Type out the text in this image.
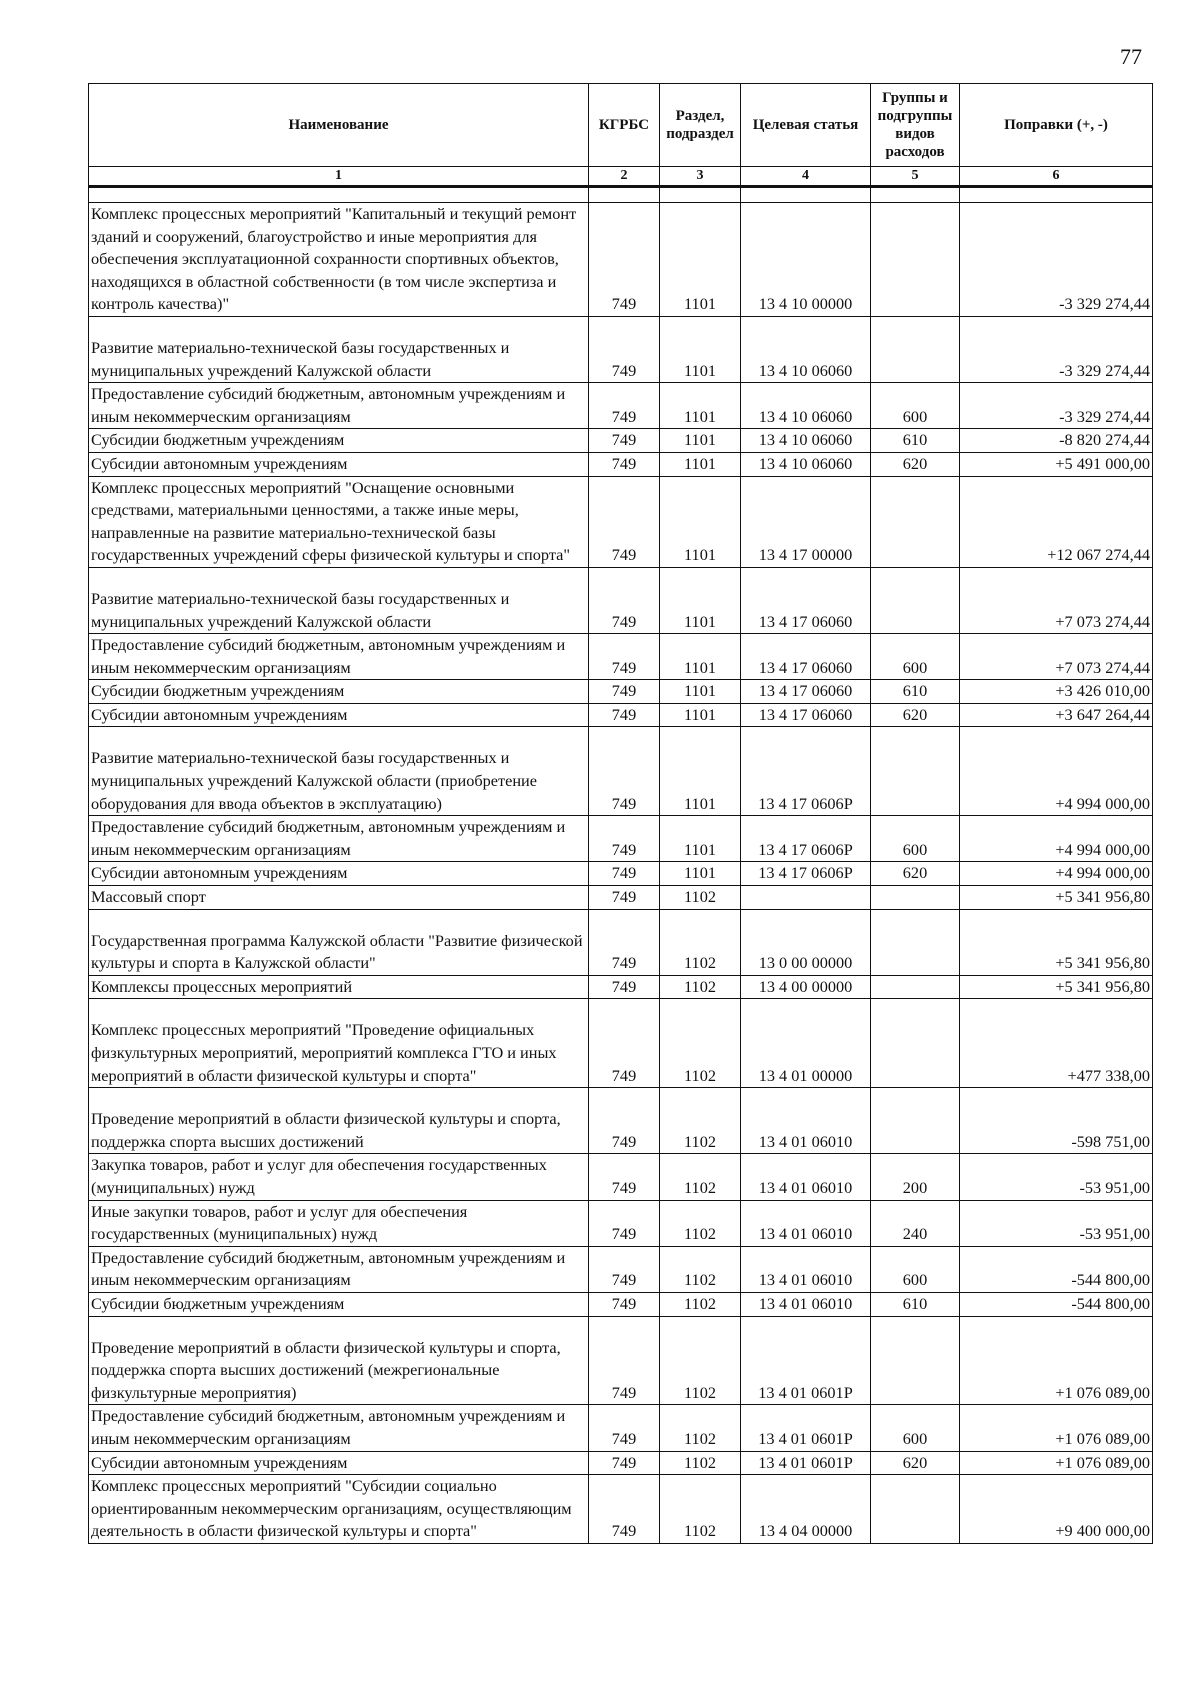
77
Наименование	КГРБС	Раздел, подраздел	Целевая статья	Группы и подгруппы видов расходов	Поправки (+, -)
1	2	3	4	5	6

Комплекс процессных мероприятий "Капитальный и текущий ремонт зданий и сооружений, благоустройство и иные мероприятия для обеспечения эксплуатационной сохранности спортивных объектов, находящихся в областной собственности (в том числе экспертиза и контроль качества)"	749	1101	13 4 10 00000		-3 329 274,44
Развитие материально-технической базы государственных и муниципальных учреждений Калужской области	749	1101	13 4 10 06060		-3 329 274,44
Предоставление субсидий бюджетным, автономным учреждениям и иным некоммерческим организациям	749	1101	13 4 10 06060	600	-3 329 274,44
Субсидии бюджетным учреждениям	749	1101	13 4 10 06060	610	-8 820 274,44
Субсидии автономным учреждениям	749	1101	13 4 10 06060	620	+5 491 000,00
Комплекс процессных мероприятий "Оснащение основными средствами, материальными ценностями, а также иные меры, направленные на развитие материально-технической базы государственных учреждений сферы физической культуры и спорта"	749	1101	13 4 17 00000		+12 067 274,44
Развитие материально-технической базы государственных и муниципальных учреждений Калужской области	749	1101	13 4 17 06060		+7 073 274,44
Предоставление субсидий бюджетным, автономным учреждениям и иным некоммерческим организациям	749	1101	13 4 17 06060	600	+7 073 274,44
Субсидии бюджетным учреждениям	749	1101	13 4 17 06060	610	+3 426 010,00
Субсидии автономным учреждениям	749	1101	13 4 17 06060	620	+3 647 264,44
Развитие материально-технической базы государственных и муниципальных учреждений Калужской области (приобретение оборудования для ввода объектов в эксплуатацию)	749	1101	13 4 17 0606Р		+4 994 000,00
Предоставление субсидий бюджетным, автономным учреждениям и иным некоммерческим организациям	749	1101	13 4 17 0606Р	600	+4 994 000,00
Субсидии автономным учреждениям	749	1101	13 4 17 0606Р	620	+4 994 000,00
Массовый спорт	749	1102			+5 341 956,80
Государственная программа Калужской области "Развитие физической культуры и спорта в Калужской области"	749	1102	13 0 00 00000		+5 341 956,80
Комплексы процессных мероприятий	749	1102	13 4 00 00000		+5 341 956,80
Комплекс процессных мероприятий "Проведение официальных физкультурных мероприятий, мероприятий комплекса ГТО и иных мероприятий в области физической культуры и спорта"	749	1102	13 4 01 00000		+477 338,00
Проведение мероприятий в области физической культуры и спорта, поддержка спорта высших достижений	749	1102	13 4 01 06010		-598 751,00
Закупка товаров, работ и услуг для обеспечения государственных (муниципальных) нужд	749	1102	13 4 01 06010	200	-53 951,00
Иные закупки товаров, работ и услуг для обеспечения государственных (муниципальных) нужд	749	1102	13 4 01 06010	240	-53 951,00
Предоставление субсидий бюджетным, автономным учреждениям и иным некоммерческим организациям	749	1102	13 4 01 06010	600	-544 800,00
Субсидии бюджетным учреждениям	749	1102	13 4 01 06010	610	-544 800,00
Проведение мероприятий в области физической культуры и спорта, поддержка спорта высших достижений (межрегиональные физкультурные мероприятия)	749	1102	13 4 01 0601Р		+1 076 089,00
Предоставление субсидий бюджетным, автономным учреждениям и иным некоммерческим организациям	749	1102	13 4 01 0601Р	600	+1 076 089,00
Субсидии автономным учреждениям	749	1102	13 4 01 0601Р	620	+1 076 089,00
Комплекс процессных мероприятий "Субсидии социально ориентированным некоммерческим организациям, осуществляющим деятельность в области физической культуры и спорта"	749	1102	13 4 04 00000		+9 400 000,00
